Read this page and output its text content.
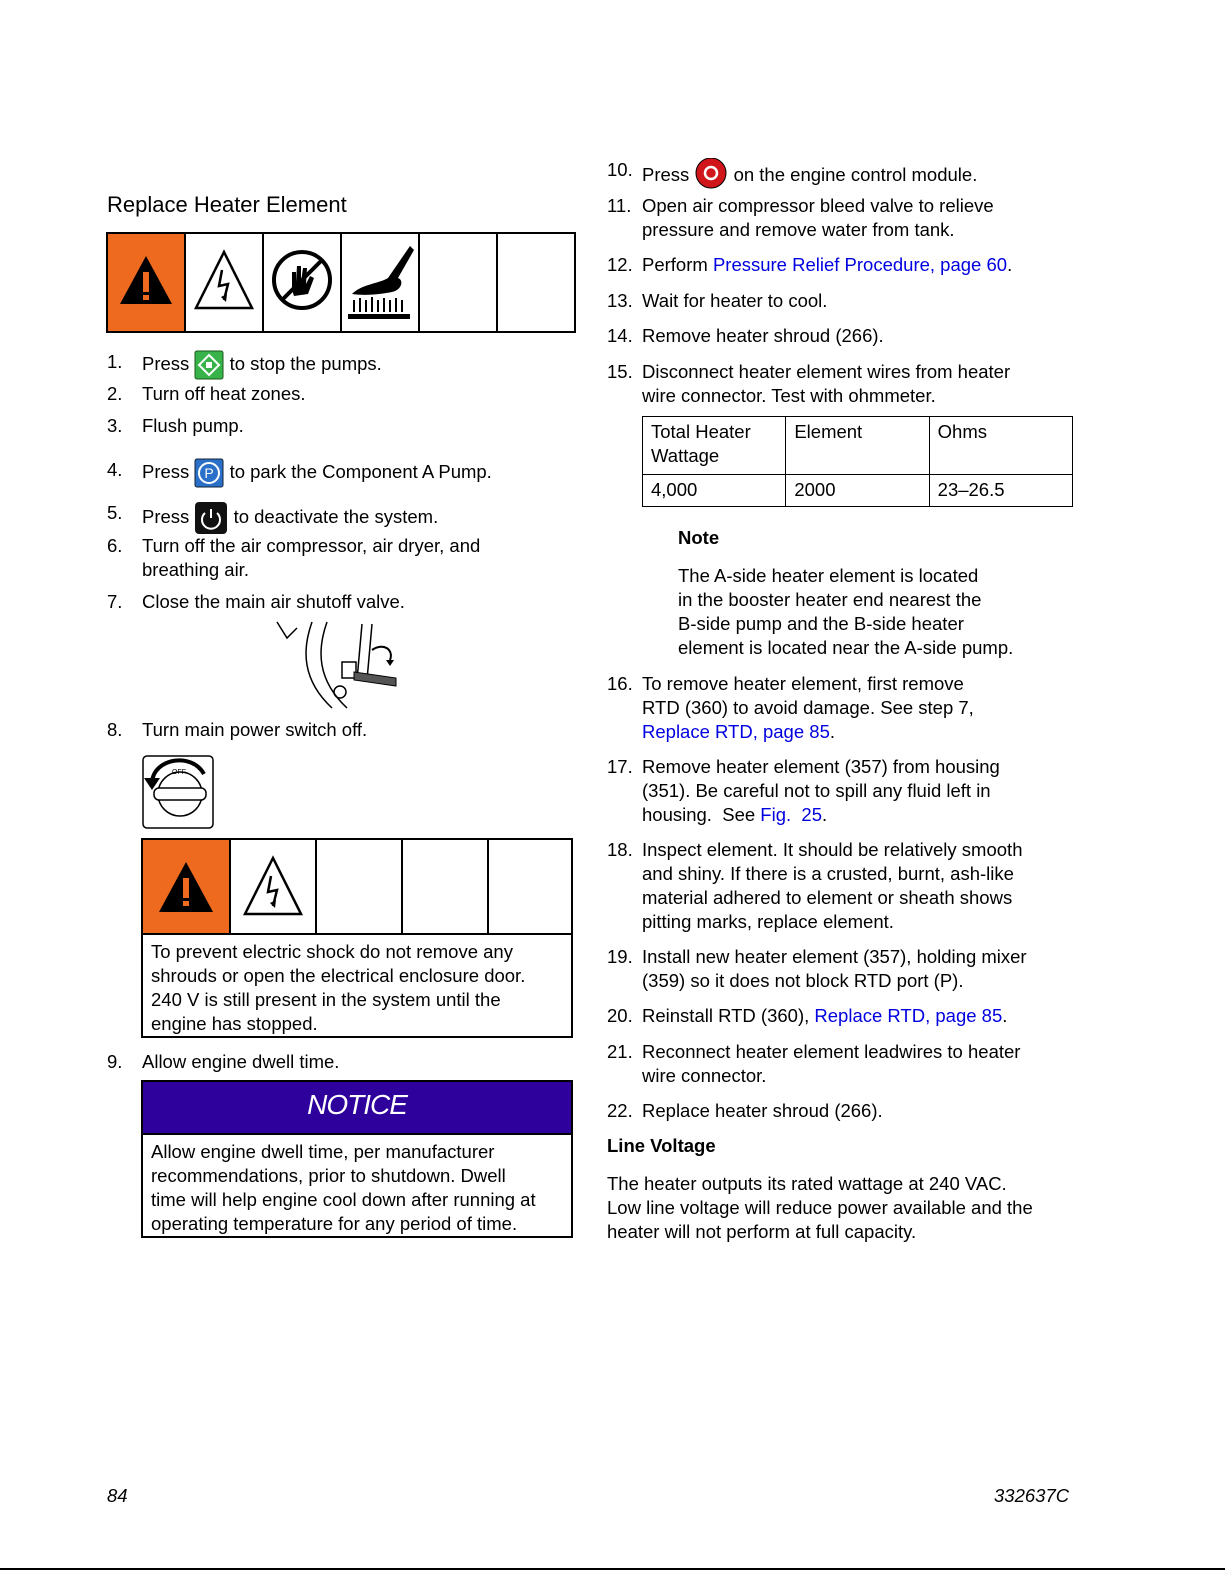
Replace Heater Element

1. Press to stop the pumps.
2. Turn off heat zones.
3. Flush pump.
4. Press P to park the Component A Pump.
5. Press to deactivate the system.
6. Turn off the air compressor, air dryer, and
breathing air.
7. Close the main air shutoff valve.
8. Turn main power switch off.
OFF
To prevent electric shock do not remove any
shrouds or open the electrical enclosure door.
240 V is still present in the system until the
engine has stopped.
9. Allow engine dwell time.
NOTICE
Allow engine dwell time, per manufacturer
recommendations, prior to shutdown. Dwell
time will help engine cool down after running at
operating temperature for any period of time.
10. Press on the engine control module.
11. Open air compressor bleed valve to relieve
pressure and remove water from tank.
12. Perform Pressure Relief Procedure, page 60.
13. Wait for heater to cool.
14. Remove heater shroud (266).
15. Disconnect heater element wires from heater
wire connector. Test with ohmmeter.
Total Heater Wattage	Element	Ohms
4,000	2000	23–26.5
Note
The A-side heater element is located
in the booster heater end nearest the
B-side pump and the B-side heater
element is located near the A-side pump.
16. To remove heater element, first remove
RTD (360) to avoid damage. See step 7,
Replace RTD, page 85.
17. Remove heater element (357) from housing
(351). Be careful not to spill any fluid left in
housing.  See Fig.  25.
18. Inspect element. It should be relatively smooth
and shiny. If there is a crusted, burnt, ash-like
material adhered to element or sheath shows
pitting marks, replace element.
19. Install new heater element (357), holding mixer
(359) so it does not block RTD port (P).
20. Reinstall RTD (360), Replace RTD, page 85.
21. Reconnect heater element leadwires to heater
wire connector.
22. Replace heater shroud (266).
Line Voltage
The heater outputs its rated wattage at 240 VAC.
Low line voltage will reduce power available and the
heater will not perform at full capacity.
84	332637C
